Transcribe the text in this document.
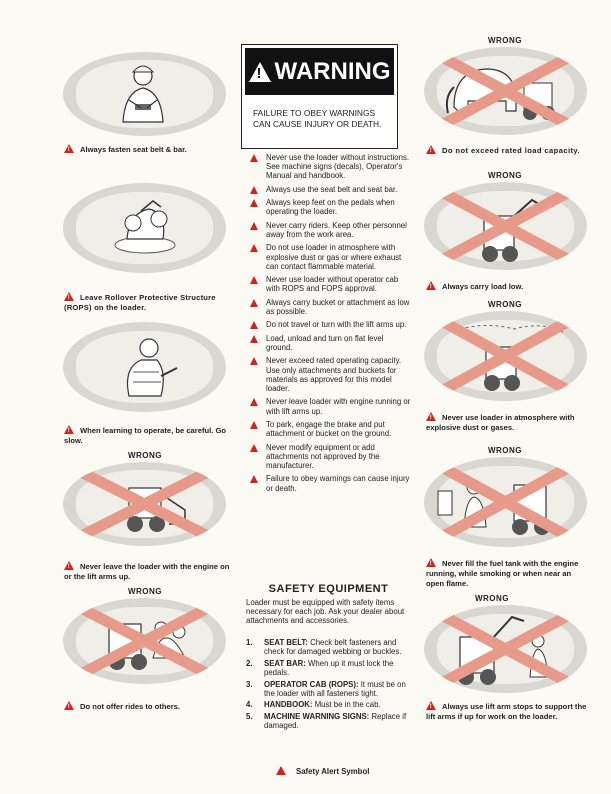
!Always fasten seat belt & bar.
!Leave Rollover Protective Structure (ROPS) on the loader.
!When learning to operate, be careful. Go slow.
WRONG
!Never leave the loader with the engine on or the lift arms up.
WRONG
!Do not offer rides to others.
!
WARNING
FAILURE TO OBEY WARNINGS CAN CAUSE INJURY OR DEATH.
Never use the loader without instructions. See machine signs (decals), Operator's Manual and handbook.
Always use the seat belt and seat bar.
Always keep feet on the pedals when operating the loader.
Never carry riders. Keep other personnel away from the work area.
Do not use loader in atmosphere with explosive dust or gas or where exhaust can contact flammable material.
Never use loader without operator cab with ROPS and FOPS approval.
Always carry bucket or attachment as low as possible.
Do not travel or turn with the lift arms up.
Load, unload and turn on flat level ground.
Never exceed rated operating capacity. Use only attachments and buckets for materials as approved for this model loader.
Never leave loader with engine running or with lift arms up.
To park, engage the brake and put attachment or bucket on the ground.
Never modify equipment or add attachments not approved by the manufacturer.
Failure to obey warnings can cause injury or death.
SAFETY EQUIPMENT
Loader must be equipped with safety items necessary for each job. Ask your dealer about attachments and accessories.
1. SEAT BELT: Check belt fasteners and check for damaged webbing or buckles.
2. SEAT BAR: When up it must lock the pedals.
3. OPERATOR CAB (ROPS): It must be on the loader with all fasteners tight.
4. HANDBOOK: Must be in the cab.
5. MACHINE WARNING SIGNS: Replace if damaged.
Safety Alert Symbol
WRONG
!Do not exceed rated load capacity.
WRONG
!Always carry load low.
WRONG
!Never use loader in atmosphere with explosive dust or gases.
WRONG
!Never fill the fuel tank with the engine running, while smoking or when near an open flame.
WRONG
!Always use lift arm stops to support the lift arms if up for work on the loader.
